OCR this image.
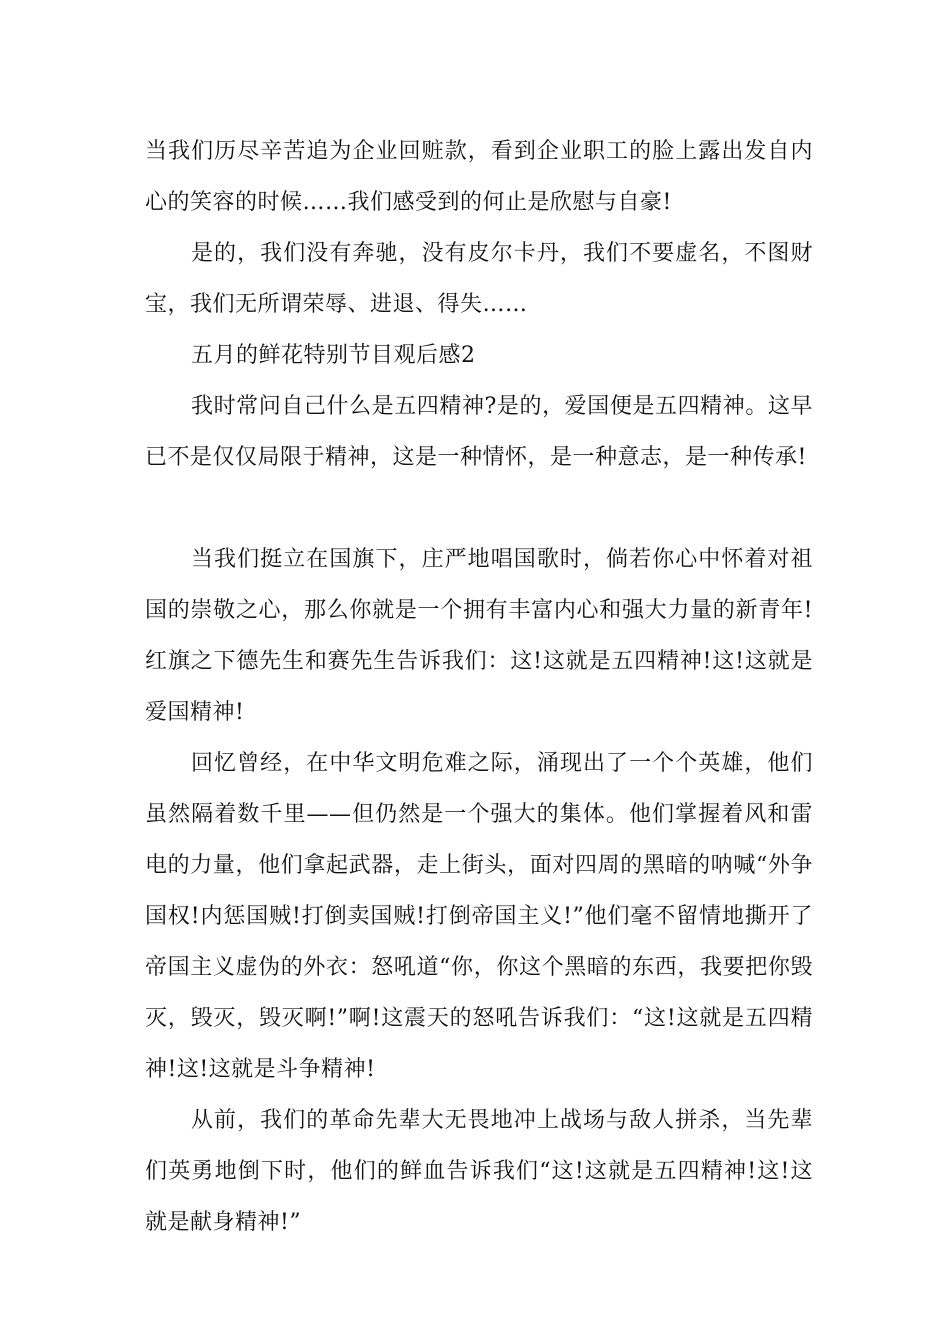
当我们历尽辛苦追为企业回赃款，看到企业职工的脸上露出发自内心的笑容的时候……我们感受到的何止是欣慰与自豪!

是的，我们没有奔驰，没有皮尔卡丹，我们不要虚名，不图财宝，我们无所谓荣辱、进退、得失……

五月的鲜花特别节目观后感2

我时常问自己什么是五四精神?是的，爱国便是五四精神。这早已不是仅仅局限于精神，这是一种情怀，是一种意志，是一种传承!

当我们挺立在国旗下，庄严地唱国歌时，倘若你心中怀着对祖国的崇敬之心，那么你就是一个拥有丰富内心和强大力量的新青年!红旗之下德先生和赛先生告诉我们：这!这就是五四精神!这!这就是爱国精神!

回忆曾经，在中华文明危难之际，涌现出了一个个英雄，他们虽然隔着数千里——但仍然是一个强大的集体。他们掌握着风和雷电的力量，他们拿起武器，走上街头，面对四周的黑暗的呐喊“外争国权!内惩国贼!打倒卖国贼!打倒帝国主义!”他们毫不留情地撕开了帝国主义虚伪的外衣：怒吼道“你，你这个黑暗的东西，我要把你毁灭，毁灭，毁灭啊!”啊!这震天的怒吼告诉我们：“这!这就是五四精神!这!这就是斗争精神!

从前，我们的革命先辈大无畏地冲上战场与敌人拼杀，当先辈们英勇地倒下时，他们的鲜血告诉我们“这!这就是五四精神!这!这就是献身精神!”
